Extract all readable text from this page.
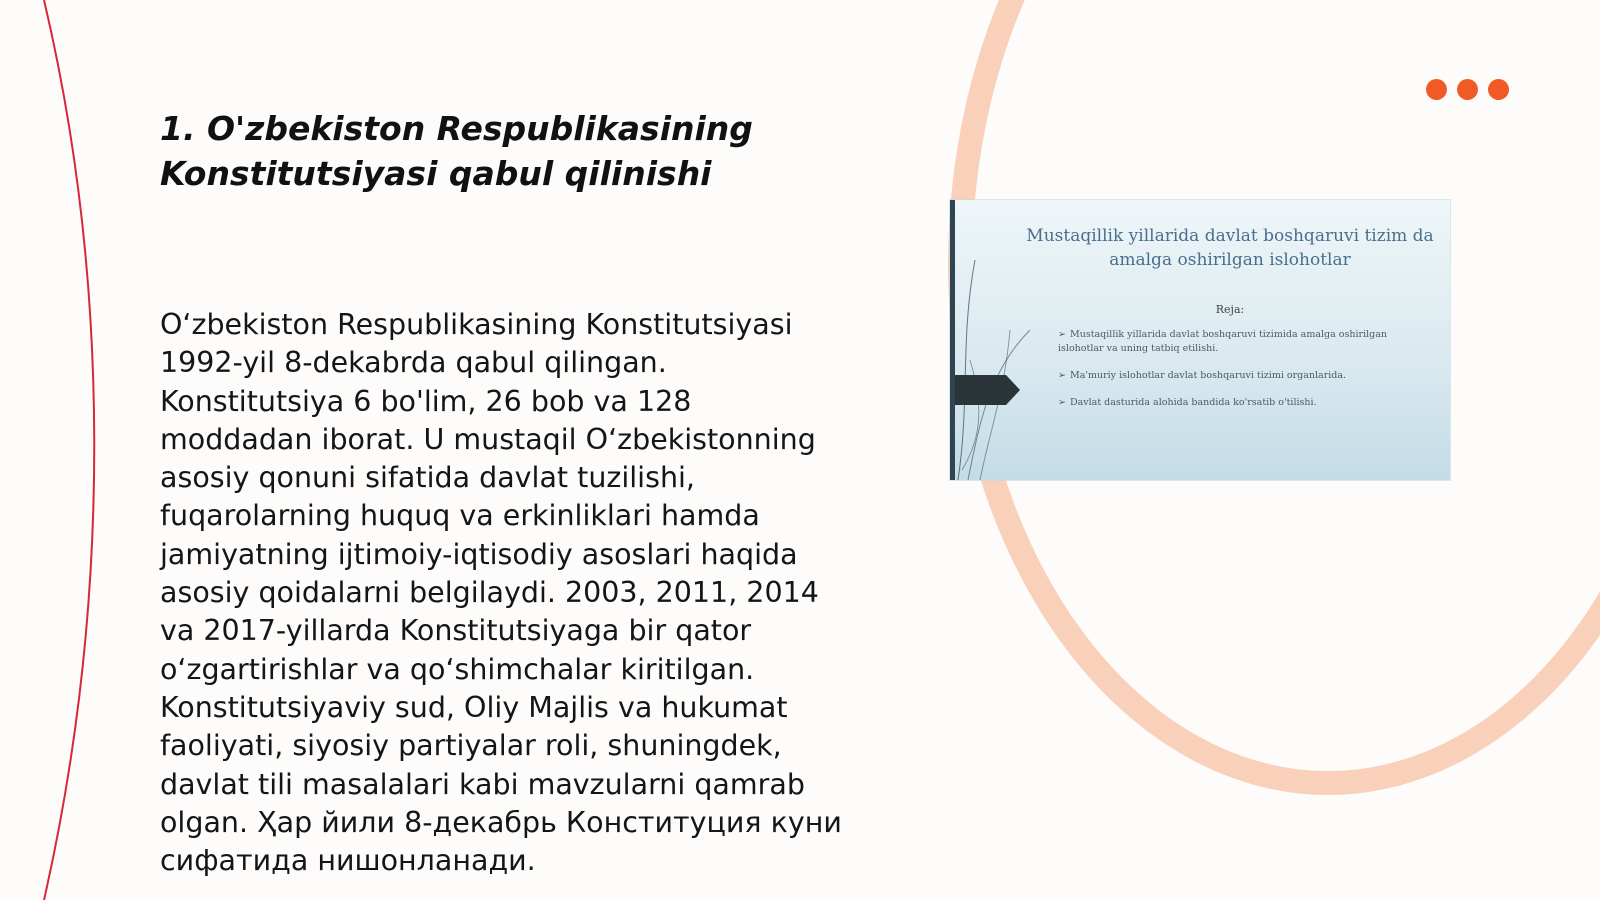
1. O'zbekiston Respublikasining Konstitutsiyasi qabul qilinishi

O‘zbekiston Respublikasining Konstitutsiyasi 1992-yil 8-dekabrda qabul qilingan. Konstitutsiya 6 bo'lim, 26 bob va 128 moddadan iborat. U mustaqil O‘zbekistonning asosiy qonuni sifatida davlat tuzilishi, fuqarolarning huquq va erkinliklari hamda jamiyatning ijtimoiy-iqtisodiy asoslari haqida asosiy qoidalarni belgilaydi. 2003, 2011, 2014 va 2017-yillarda Konstitutsiyaga bir qator o‘zgartirishlar va qo‘shimchalar kiritilgan. Konstitutsiyaviy sud, Oliy Majlis va hukumat faoliyati, siyosiy partiyalar roli, shuningdek, davlat tili masalalari kabi mavzularni qamrab olgan. Ҳар йили 8-декабрь Конституция куни сифатида нишонланади.

Mustaqillik yillarida davlat boshqaruvi tizim da amalga oshirilgan islohotlar
Reja:
➢ Mustaqillik yillarida davlat boshqaruvi tizimida amalga oshirilgan islohotlar va uning tatbiq etilishi.
➢ Ma'muriy islohotlar davlat boshqaruvi tizimi organlarida.
➢ Davlat dasturida alohida bandida ko'rsatib o'tilishi.
